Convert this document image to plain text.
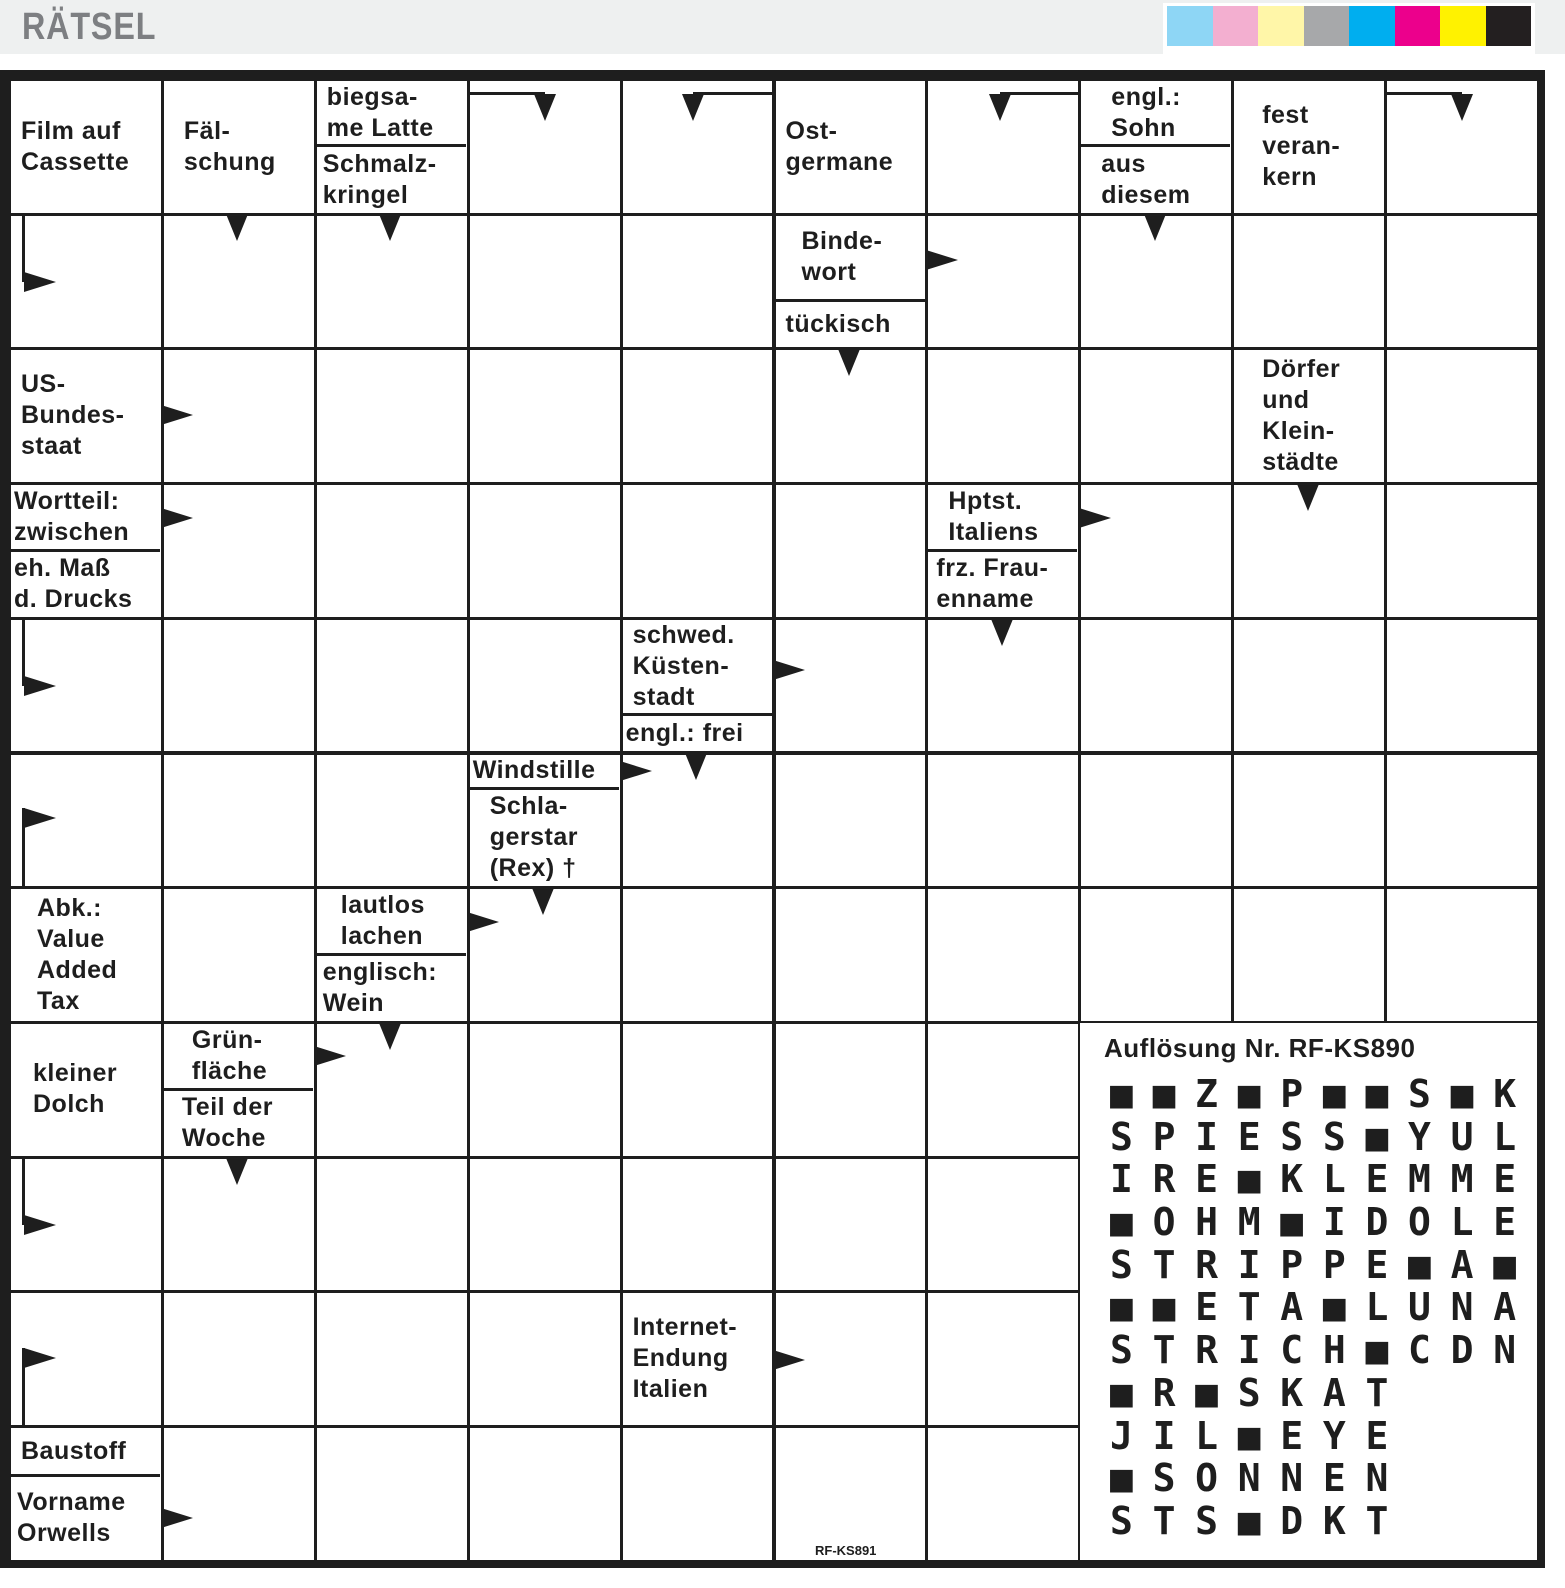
RÄTSEL
Auflösung Nr. RF-KS890
■■Z■P■■S■K
SPIESS■YUL
IRE■KLEMME
■OHM■IDOLE
STRIPPE■A■
■■ETA■LUNA
STRICH■CDN
■R■SKAT
JIL■EYE
■SONNEN
STS■DKT
Film auf
Cassette
Fäl-
schung
biegsa-
me Latte
Schmalz-
kringel
Ost-
germane
engl.:
Sohn
aus
diesem
fest
veran-
kern
Binde-
wort
tückisch
US-
Bundes-
staat
Dörfer
und
Klein-
städte
Wortteil:
zwischen
eh. Maß
d. Drucks
Hptst.
Italiens
frz. Frau-
enname
schwed.
Küsten-
stadt
engl.: frei
Windstille
Schla-
gerstar
(Rex) †
Abk.:
Value
Added
Tax
lautlos
lachen
englisch:
Wein
kleiner
Dolch
Grün-
fläche
Teil der
Woche
Internet-
Endung
Italien
Baustoff
Vorname
Orwells
RF-KS891
